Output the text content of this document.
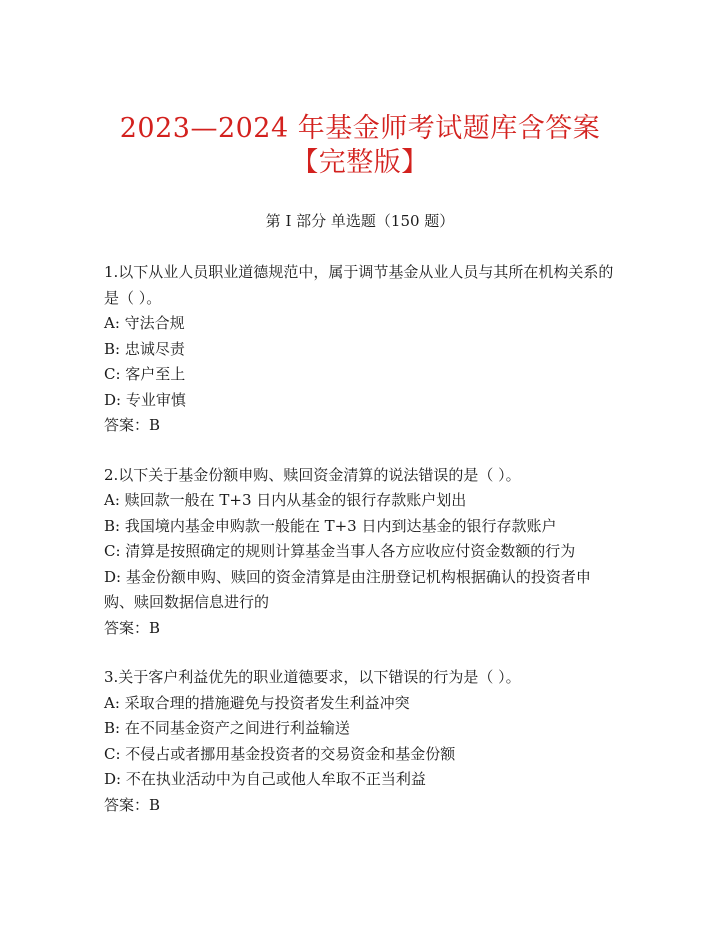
2023—2024 年基金师考试题库含答案【完整版】
第 I 部分 单选题（150 题）
1.以下从业人员职业道德规范中，属于调节基金从业人员与其所在机构关系的是（ ）。
A: 守法合规
B: 忠诚尽责
C: 客户至上
D: 专业审慎
答案：B
2.以下关于基金份额申购、赎回资金清算的说法错误的是（ ）。
A: 赎回款一般在 T+3 日内从基金的银行存款账户划出
B: 我国境内基金申购款一般能在 T+3 日内到达基金的银行存款账户
C: 清算是按照确定的规则计算基金当事人各方应收应付资金数额的行为
D: 基金份额申购、赎回的资金清算是由注册登记机构根据确认的投资者申购、赎回数据信息进行的
答案：B
3.关于客户利益优先的职业道德要求，以下错误的行为是（ ）。
A: 采取合理的措施避免与投资者发生利益冲突
B: 在不同基金资产之间进行利益输送
C: 不侵占或者挪用基金投资者的交易资金和基金份额
D: 不在执业活动中为自己或他人牟取不正当利益
答案：B
